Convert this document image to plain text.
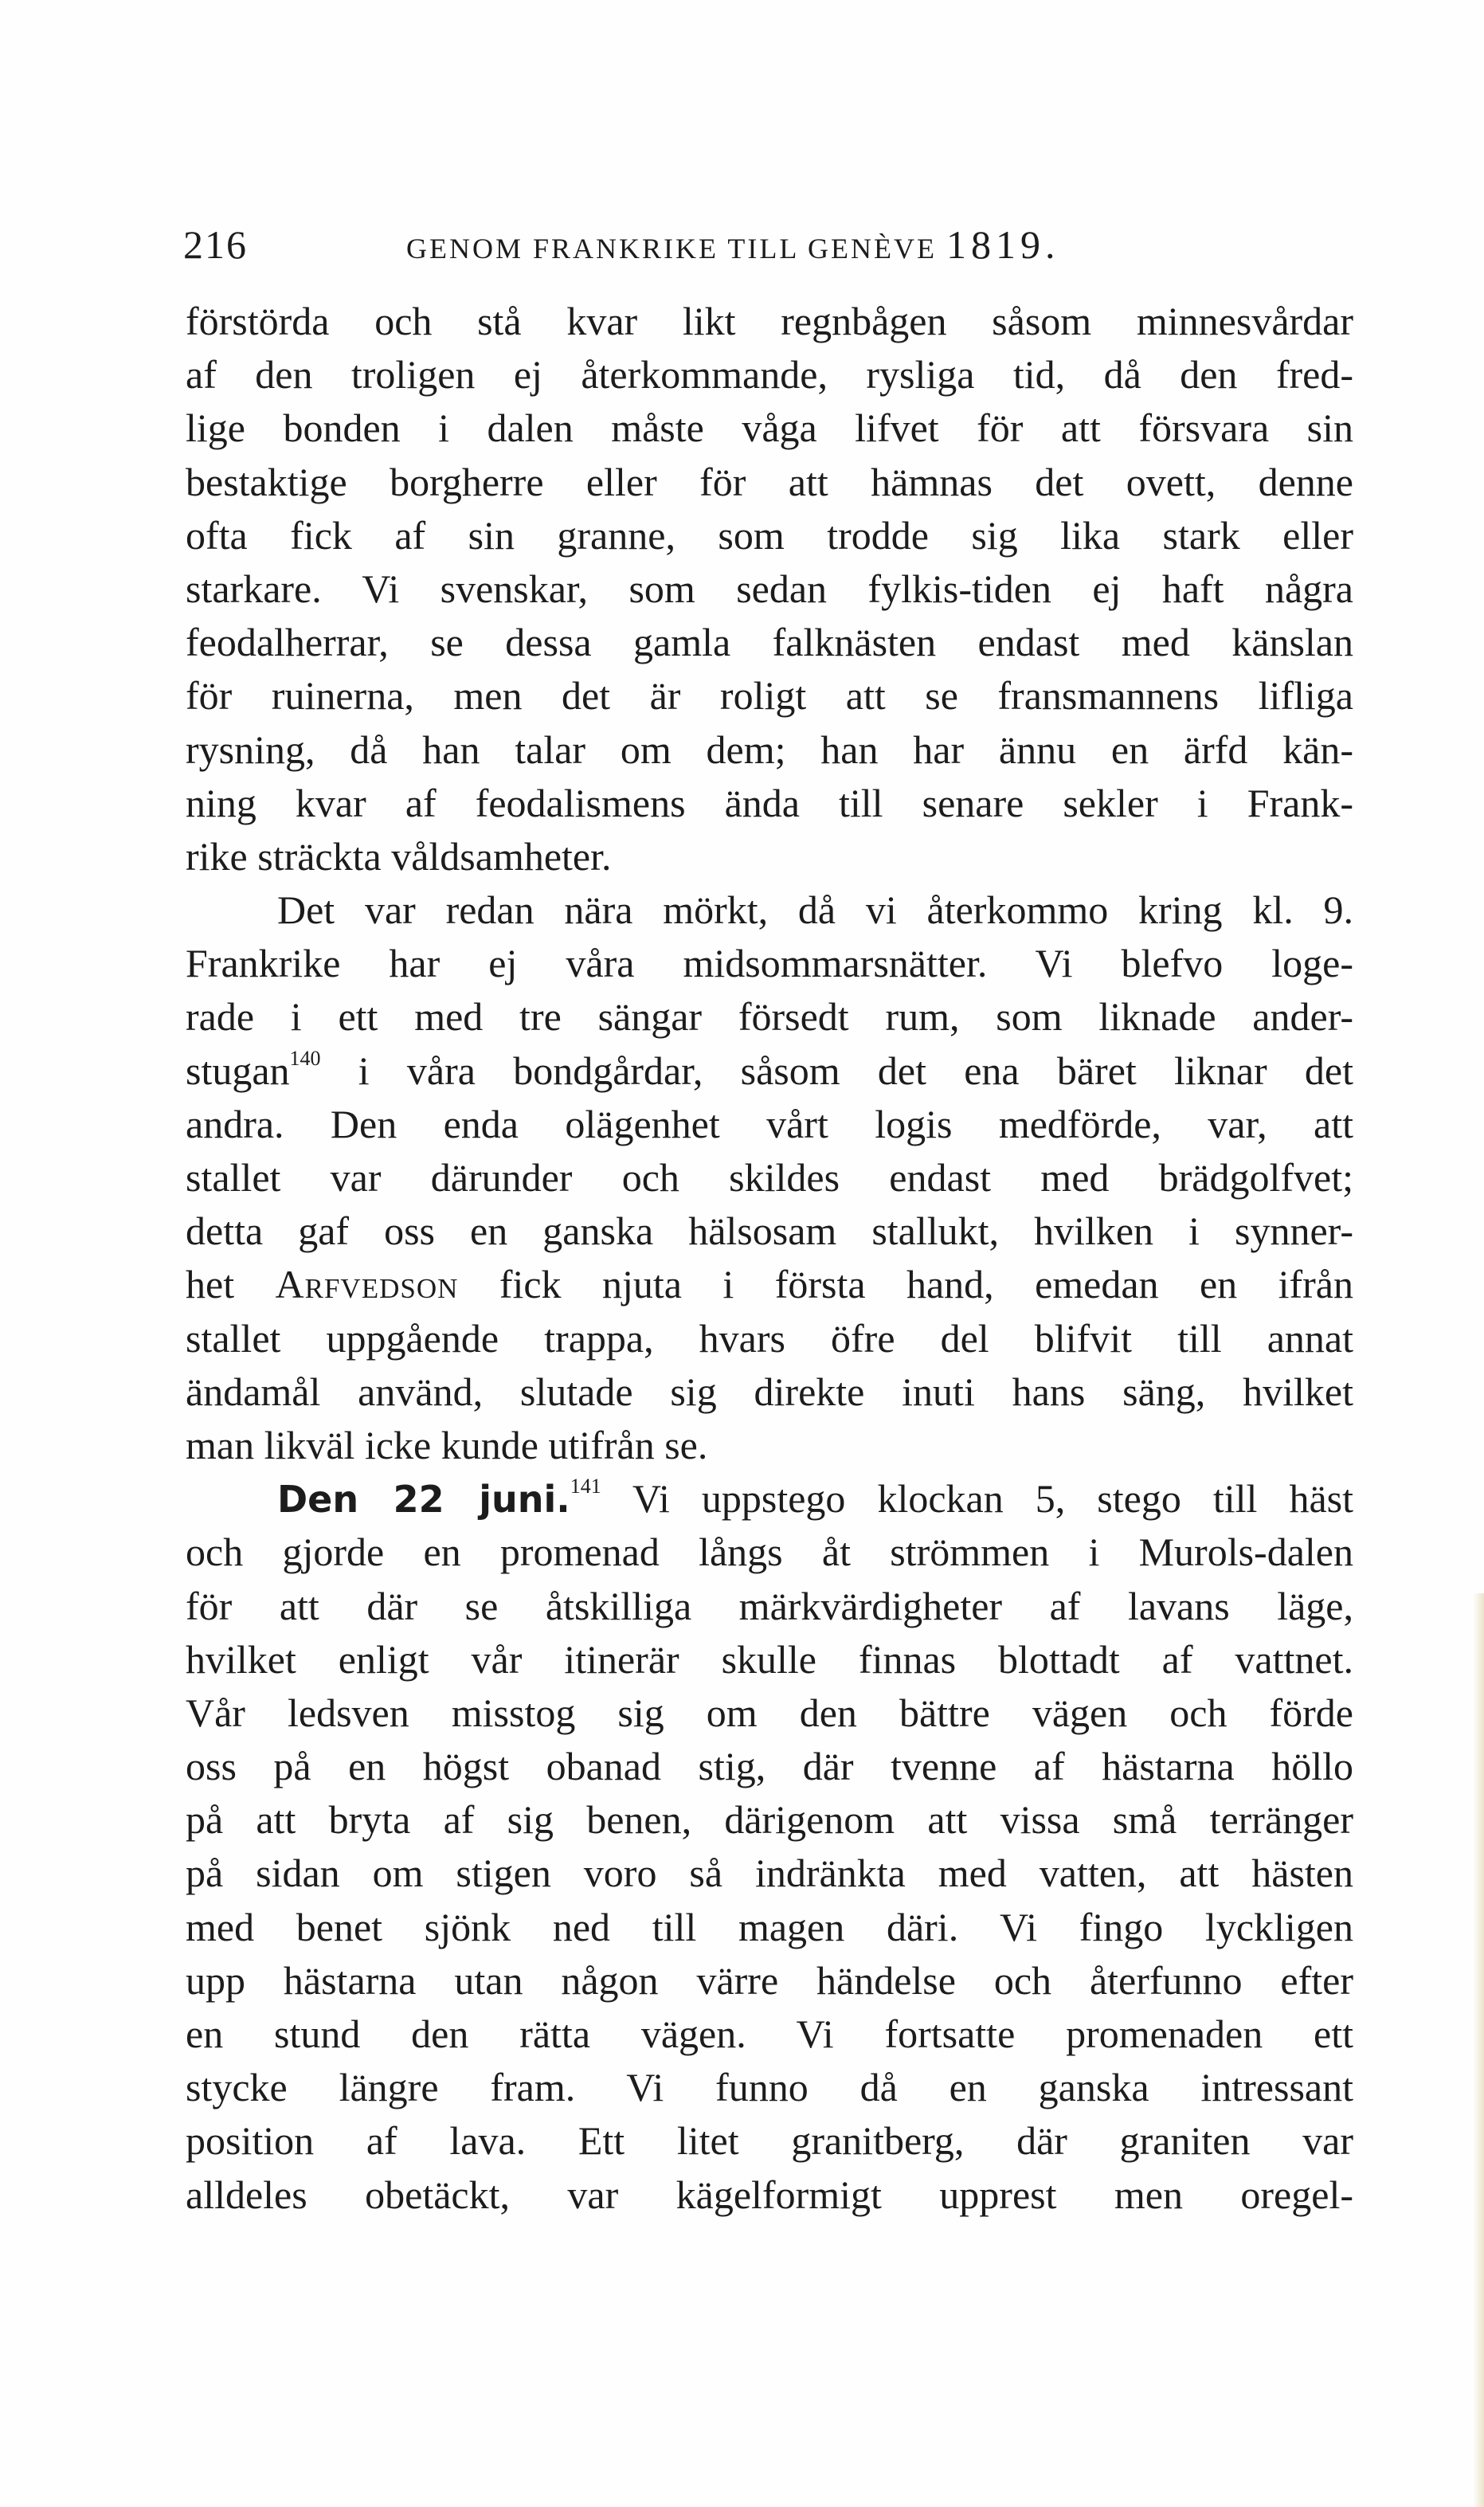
216	GENOM FRANKRIKE TILL GENÈVE 1819.
förstörda och stå kvar likt regnbågen såsom minnesvårdar
af den troligen ej återkommande, rysliga tid, då den fred-
lige bonden i dalen måste våga lifvet för att försvara sin
bestaktige borgherre eller för att hämnas det ovett, denne
ofta fick af sin granne, som trodde sig lika stark eller
starkare. Vi svenskar, som sedan fylkis-tiden ej haft några
feodalherrar, se dessa gamla falknästen endast med känslan
för ruinerna, men det är roligt att se fransmannens lifliga
rysning, då han talar om dem; han har ännu en ärfd kän-
ning kvar af feodalismens ända till senare sekler i Frank-
rike sträckta våldsamheter.
Det var redan nära mörkt, då vi återkommo kring kl. 9.
Frankrike har ej våra midsommarsnätter. Vi blefvo loge-
rade i ett med tre sängar försedt rum, som liknade ander-
stugan$^{140}$ i våra bondgårdar, såsom det ena bäret liknar det
andra. Den enda olägenhet vårt logis medförde, var, att
stallet var därunder och skildes endast med brädgolfvet;
detta gaf oss en ganska hälsosam stallukt, hvilken i synner-
het Arfvedson fick njuta i första hand, emedan en ifrån
stallet uppgående trappa, hvars öfre del blifvit till annat
ändamål använd, slutade sig direkte inuti hans säng, hvilket
man likväl icke kunde utifrån se.
Den 22 juni.$^{141}$ Vi uppstego klockan 5, stego till häst
och gjorde en promenad långs åt strömmen i Murols-dalen
för att där se åtskilliga märkvärdigheter af lavans läge,
hvilket enligt vår itinerär skulle finnas blottadt af vattnet.
Vår ledsven misstog sig om den bättre vägen och förde
oss på en högst obanad stig, där tvenne af hästarna höllo
på att bryta af sig benen, därigenom att vissa små terränger
på sidan om stigen voro så indränkta med vatten, att hästen
med benet sjönk ned till magen däri. Vi fingo lyckligen
upp hästarna utan någon värre händelse och återfunno efter
en stund den rätta vägen. Vi fortsatte promenaden ett
stycke längre fram. Vi funno då en ganska intressant
position af lava. Ett litet granitberg, där graniten var
alldeles obetäckt, var kägelformigt upprest men oregel-
